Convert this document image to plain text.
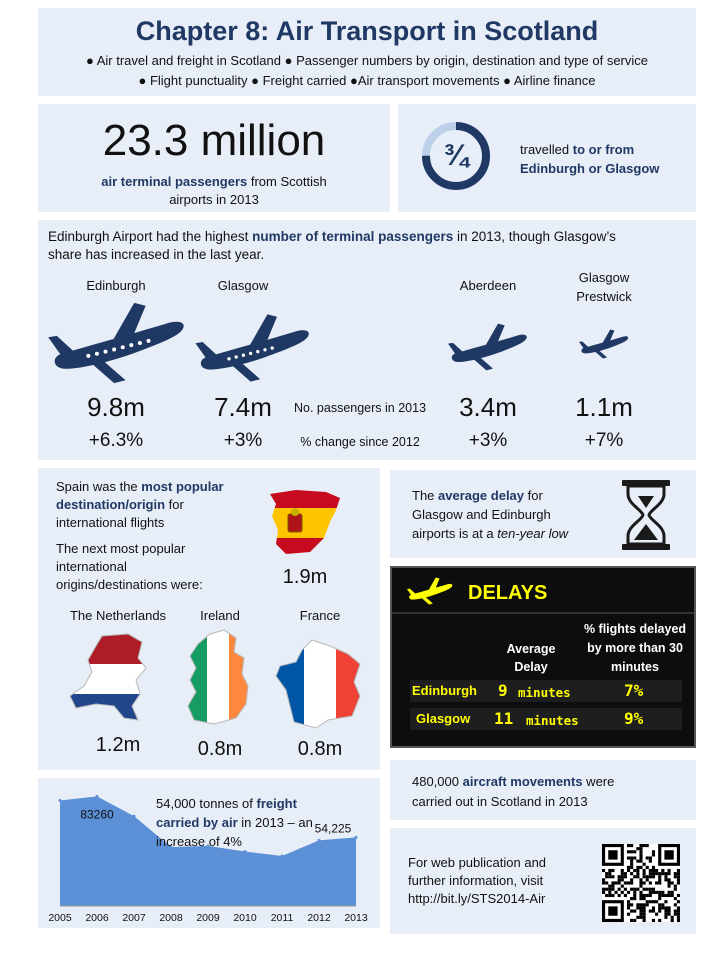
Chapter 8: Air Transport in Scotland
● Air travel and freight in Scotland ● Passenger numbers by origin, destination and type of service
● Flight punctuality ● Freight carried ●Air transport movements ● Airline finance
23.3 million
air terminal passengers from Scottish
airports in 2013
¾	travelled to or from
Edinburgh or Glasgow
Edinburgh Airport had the highest number of terminal passengers in 2013, though Glasgow’s
share has increased in the last year.
Edinburgh
9.8m
+6.3%
Glasgow
7.4m
+3%
No. passengers in 2013
% change since 2012
Aberdeen
3.4m
+3%
Glasgow
Prestwick
1.1m
+7%
Spain was the most popular
destination/origin for
international flights
The next most popular
international
origins/destinations were:	1.9m
The Netherlands	Ireland	France
1.2m	0.8m	0.8m
The average delay for
Glasgow and Edinburgh
airports is at a ten-year low
DELAYS
Average
Delay
% flights delayed
by more than 30
minutes
Edinburgh 9 minutes	7%
Glasgow 11 minutes	9%
480,000 aircraft movements were
carried out in Scotland in 2013
2005 2006 2007 2008 2009 2010 2011 2012 2013
83260
54,225
54,000 tonnes of freight
carried by air in 2013 – an
increase of 4%
For web publication and
further information, visit
http://bit.ly/STS2014-Air
